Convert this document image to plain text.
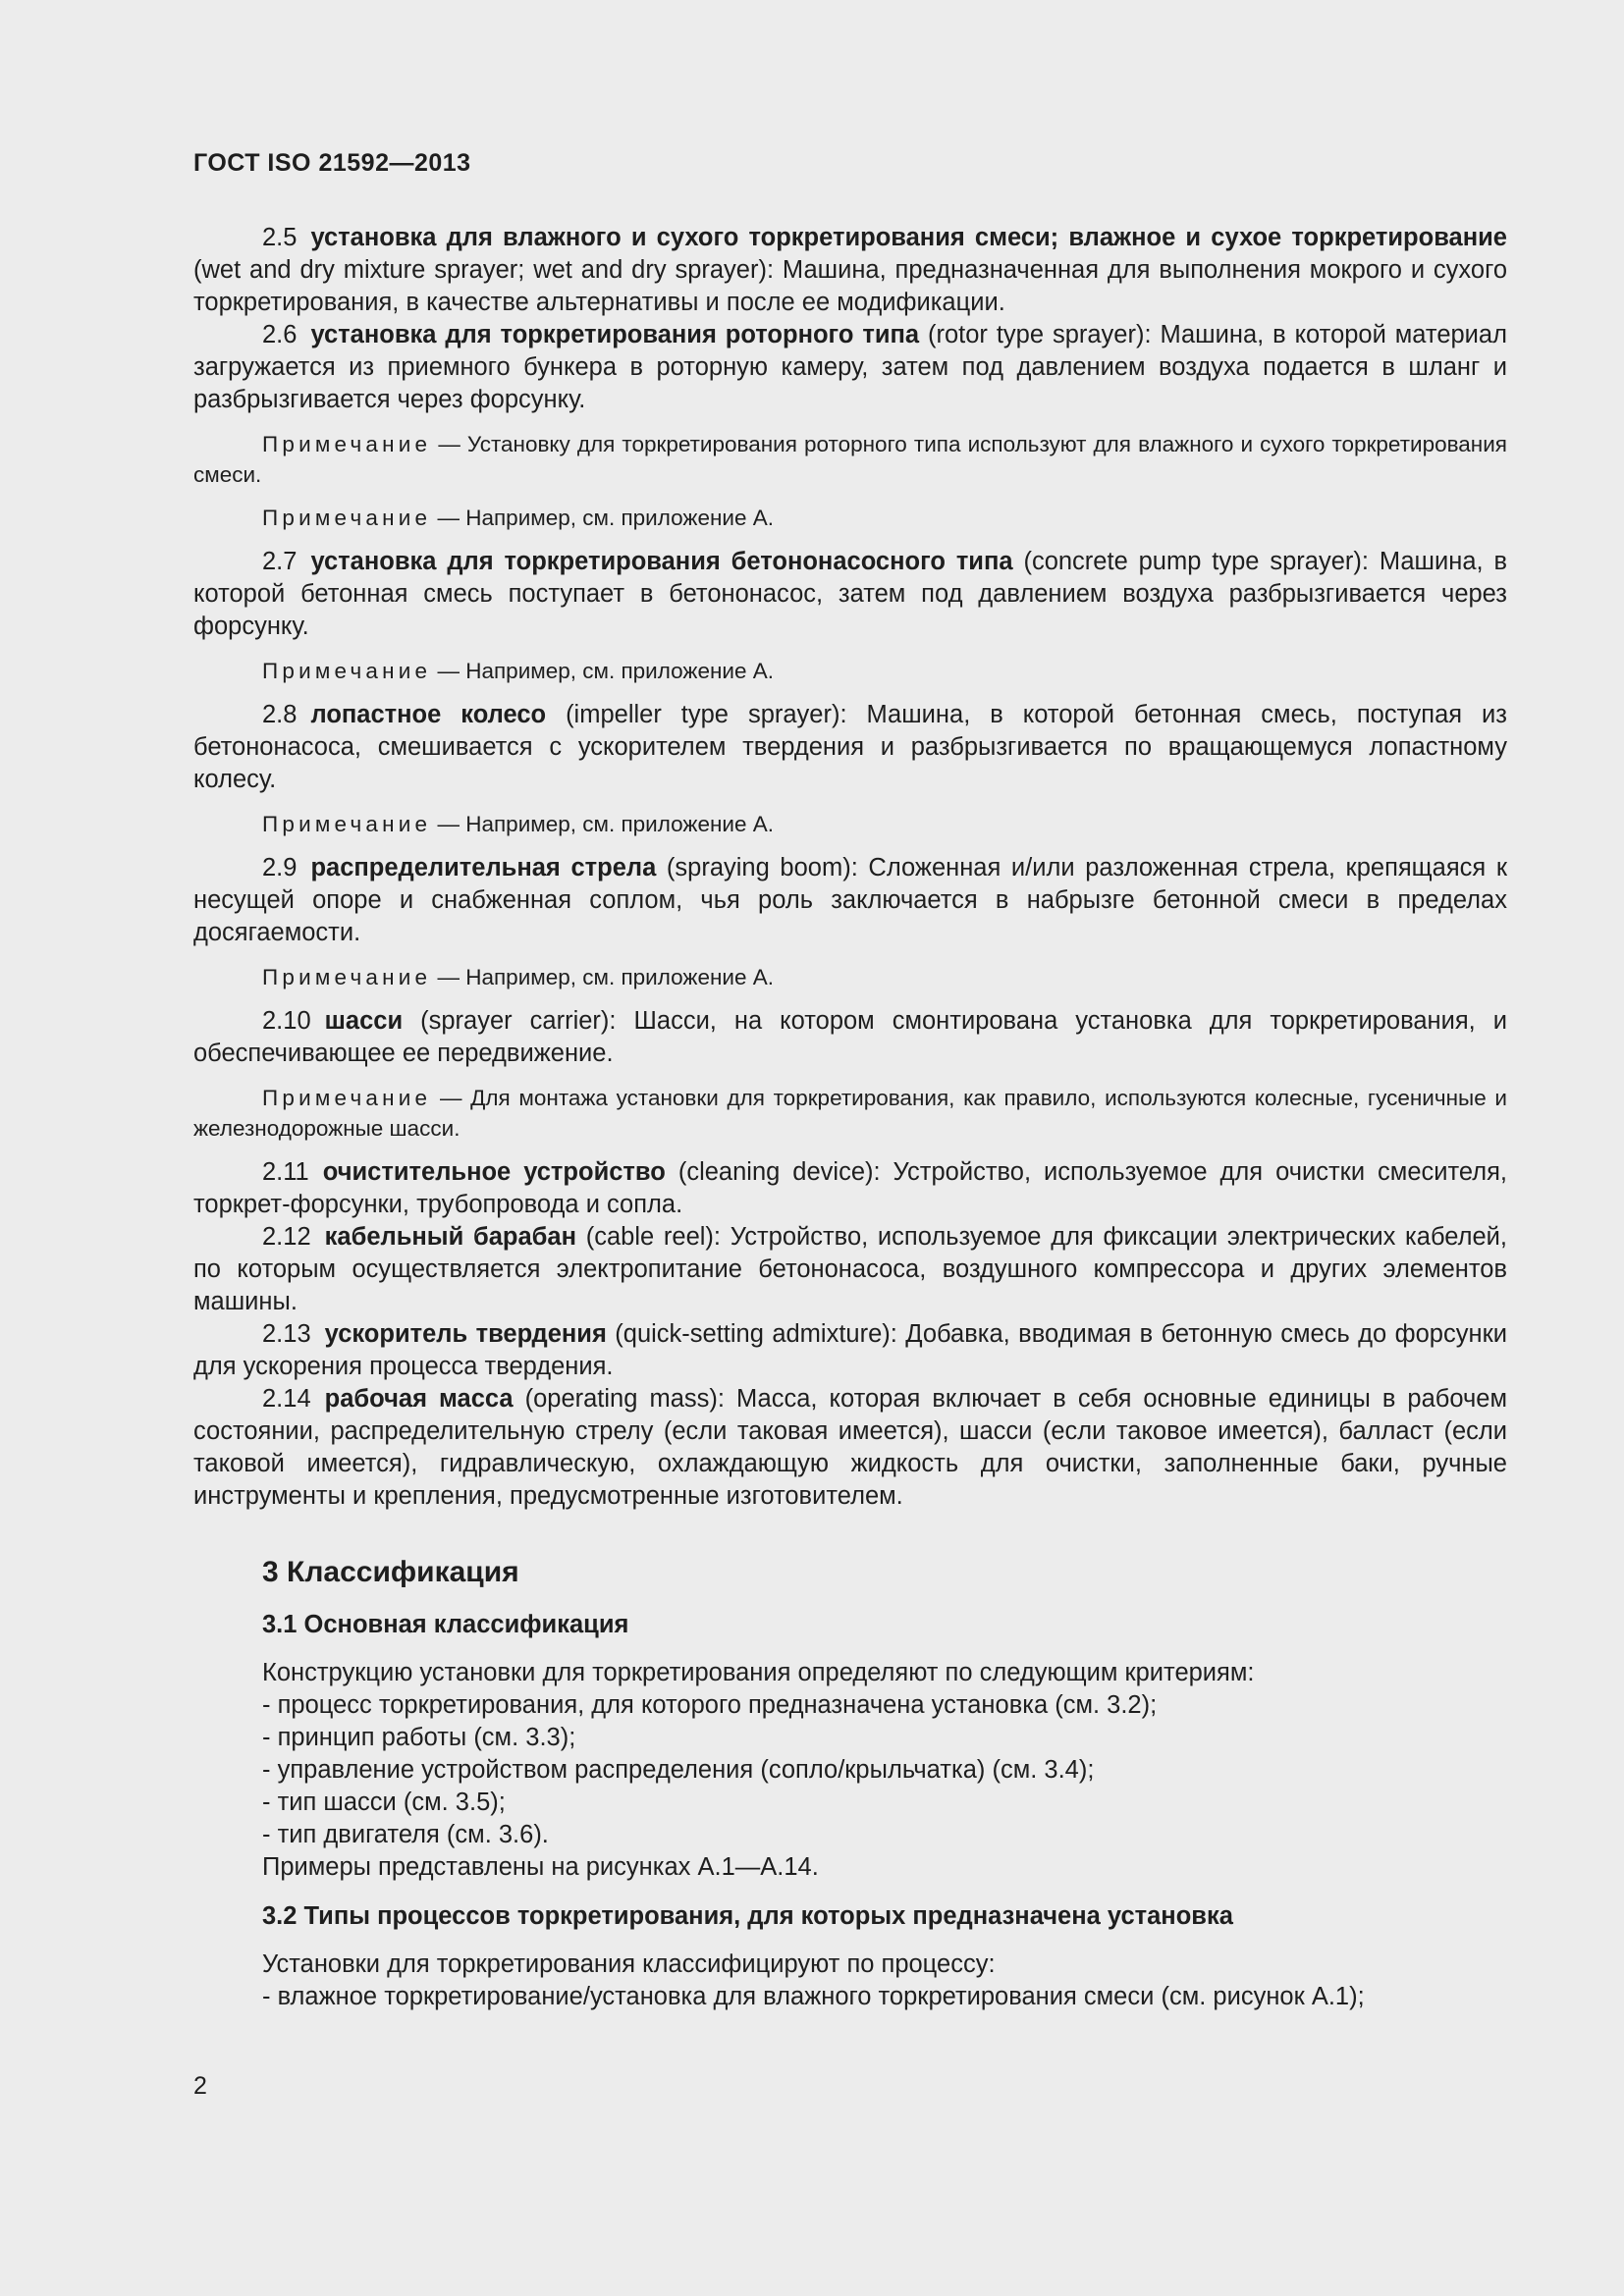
ГОСТ ISO 21592—2013

2.5 установка для влажного и сухого торкретирования смеси; влажное и сухое торкретирование (wet and dry mixture sprayer; wet and dry sprayer): Машина, предназначенная для выполнения мокрого и сухого торкретирования, в качестве альтернативы и после ее модификации.

2.6 установка для торкретирования роторного типа (rotor type sprayer): Машина, в которой материал загружается из приемного бункера в роторную камеру, затем под давлением воздуха подается в шланг и разбрызгивается через форсунку.

Примечание — Установку для торкретирования роторного типа используют для влажного и сухого торкретирования смеси.

Примечание — Например, см. приложение А.

2.7 установка для торкретирования бетононасосного типа (concrete pump type sprayer): Машина, в которой бетонная смесь поступает в бетононасос, затем под давлением воздуха разбрызгивается через форсунку.

Примечание — Например, см. приложение А.

2.8 лопастное колесо (impeller type sprayer): Машина, в которой бетонная смесь, поступая из бетононасоса, смешивается с ускорителем твердения и разбрызгивается по вращающемуся лопастному колесу.

Примечание — Например, см. приложение А.

2.9 распределительная стрела (spraying boom): Сложенная и/или разложенная стрела, крепящаяся к несущей опоре и снабженная соплом, чья роль заключается в набрызге бетонной смеси в пределах досягаемости.

Примечание — Например, см. приложение А.

2.10 шасси (sprayer carrier): Шасси, на котором смонтирована установка для торкретирования, и обеспечивающее ее передвижение.

Примечание — Для монтажа установки для торкретирования, как правило, используются колесные, гусеничные и железнодорожные шасси.

2.11 очистительное устройство (cleaning device): Устройство, используемое для очистки смесителя, торкрет-форсунки, трубопровода и сопла.

2.12 кабельный барабан (cable reel): Устройство, используемое для фиксации электрических кабелей, по которым осуществляется электропитание бетононасоса, воздушного компрессора и других элементов машины.

2.13 ускоритель твердения (quick-setting admixture): Добавка, вводимая в бетонную смесь до форсунки для ускорения процесса твердения.

2.14 рабочая масса (operating mass): Масса, которая включает в себя основные единицы в рабочем состоянии, распределительную стрелу (если таковая имеется), шасси (если таковое имеется), балласт (если таковой имеется), гидравлическую, охлаждающую жидкость для очистки, заполненные баки, ручные инструменты и крепления, предусмотренные изготовителем.

3 Классификация
3.1 Основная классификация

Конструкцию установки для торкретирования определяют по следующим критериям:

- процесс торкретирования, для которого предназначена установка (см. 3.2);

- принцип работы (см. 3.3);

- управление устройством распределения (сопло/крыльчатка) (см. 3.4);

- тип шасси (см. 3.5);

- тип двигателя (см. 3.6).

Примеры представлены на рисунках А.1—А.14.

3.2 Типы процессов торкретирования, для которых предназначена установка

Установки для торкретирования классифицируют по процессу:

- влажное торкретирование/установка для влажного торкретирования смеси (см. рисунок А.1);

2
